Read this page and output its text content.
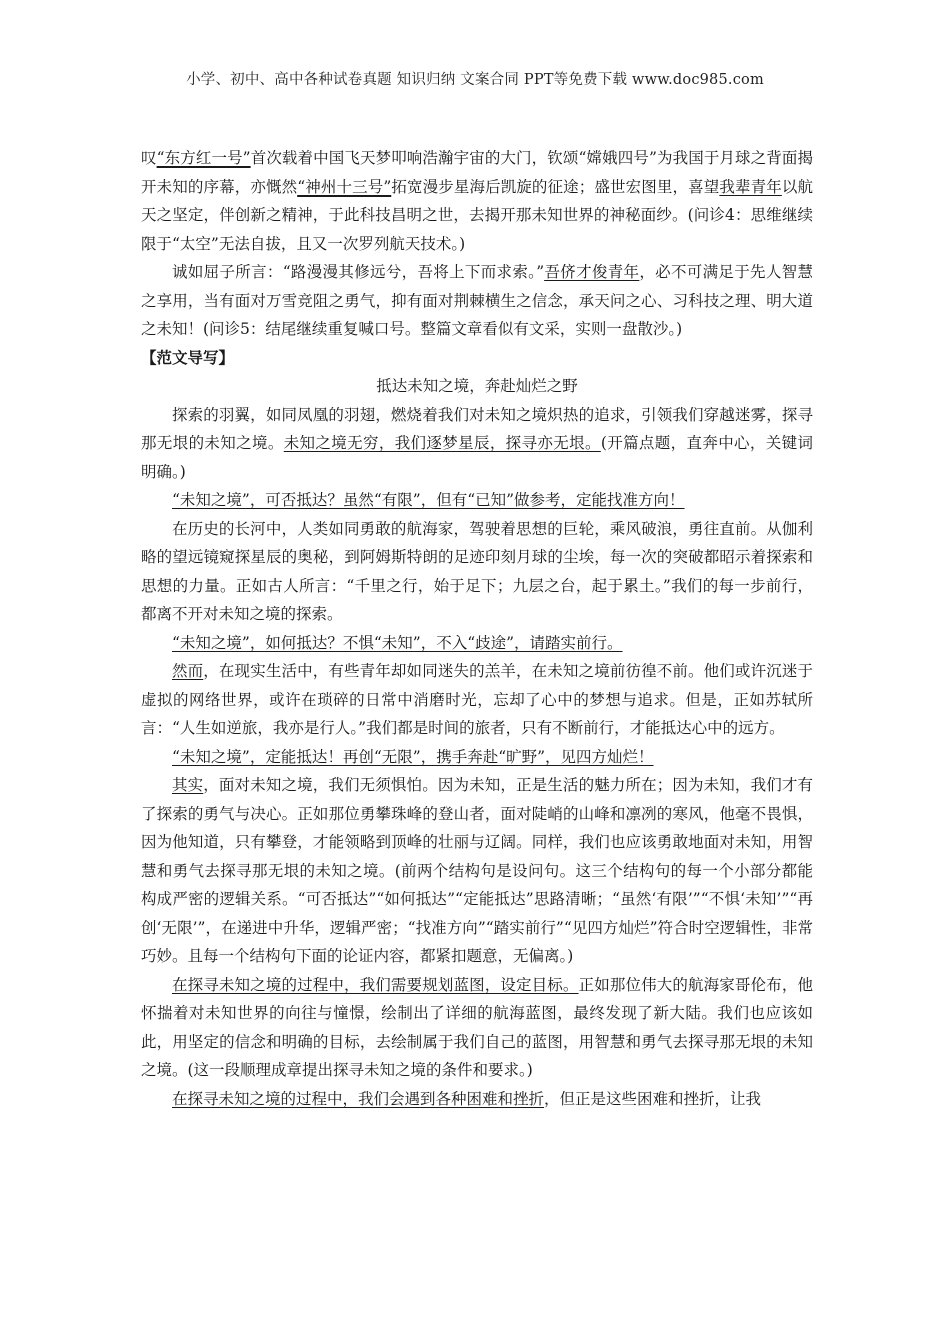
小学、初中、高中各种试卷真题 知识归纳 文案合同 PPT等免费下载 www.doc985.com

叹“东方红一号”首次载着中国飞天梦叩响浩瀚宇宙的大门，钦颂“嫦娥四号”为我国于月球之背面揭开未知的序幕，亦慨然“神州十三号”拓宽漫步星海后凯旋的征途；盛世宏图里，喜望我辈青年以航天之坚定，伴创新之精神，于此科技昌明之世，去揭开那未知世界的神秘面纱。(问诊4：思维继续限于“太空”无法自拔，且又一次罗列航天技术。)

诚如屈子所言：“路漫漫其修远兮，吾将上下而求索。”吾侪才俊青年，必不可满足于先人智慧之享用，当有面对万雪竞阻之勇气，抑有面对荆棘横生之信念，承天问之心、习科技之理、明大道之未知！(问诊5：结尾继续重复喊口号。整篇文章看似有文采，实则一盘散沙。)

【范文导写】

抵达未知之境，奔赴灿烂之野

探索的羽翼，如同凤凰的羽翅，燃烧着我们对未知之境炽热的追求，引领我们穿越迷雾，探寻那无垠的未知之境。未知之境无穷，我们逐梦星辰，探寻亦无垠。(开篇点题，直奔中心，关键词明确。)

“未知之境”，可否抵达？虽然“有限”，但有“已知”做参考，定能找准方向！

在历史的长河中，人类如同勇敢的航海家，驾驶着思想的巨轮，乘风破浪，勇往直前。从伽利略的望远镜窥探星辰的奥秘，到阿姆斯特朗的足迹印刻月球的尘埃，每一次的突破都昭示着探索和思想的力量。正如古人所言：“千里之行，始于足下；九层之台，起于累土。”我们的每一步前行，都离不开对未知之境的探索。

“未知之境”，如何抵达？不惧“未知”，不入“歧途”，请踏实前行。

然而，在现实生活中，有些青年却如同迷失的羔羊，在未知之境前彷徨不前。他们或许沉迷于虚拟的网络世界，或许在琐碎的日常中消磨时光，忘却了心中的梦想与追求。但是，正如苏轼所言：“人生如逆旅，我亦是行人。”我们都是时间的旅者，只有不断前行，才能抵达心中的远方。

“未知之境”，定能抵达！再创“无限”，携手奔赴“旷野”，见四方灿烂！

其实，面对未知之境，我们无须惧怕。因为未知，正是生活的魅力所在；因为未知，我们才有了探索的勇气与决心。正如那位勇攀珠峰的登山者，面对陡峭的山峰和凛冽的寒风，他毫不畏惧，因为他知道，只有攀登，才能领略到顶峰的壮丽与辽阔。同样，我们也应该勇敢地面对未知，用智慧和勇气去探寻那无垠的未知之境。(前两个结构句是设问句。这三个结构句的每一个小部分都能构成严密的逻辑关系。“可否抵达”“如何抵达”“定能抵达”思路清晰；“虽然‘有限’”“不惧‘未知’”“再创‘无限’”，在递进中升华，逻辑严密；“找准方向”“踏实前行”“见四方灿烂”符合时空逻辑性，非常巧妙。且每一个结构句下面的论证内容，都紧扣题意，无偏离。)

在探寻未知之境的过程中，我们需要规划蓝图，设定目标。正如那位伟大的航海家哥伦布，他怀揣着对未知世界的向往与憧憬，绘制出了详细的航海蓝图，最终发现了新大陆。我们也应该如此，用坚定的信念和明确的目标，去绘制属于我们自己的蓝图，用智慧和勇气去探寻那无垠的未知之境。(这一段顺理成章提出探寻未知之境的条件和要求。)

在探寻未知之境的过程中，我们会遇到各种困难和挫折，但正是这些困难和挫折，让我
